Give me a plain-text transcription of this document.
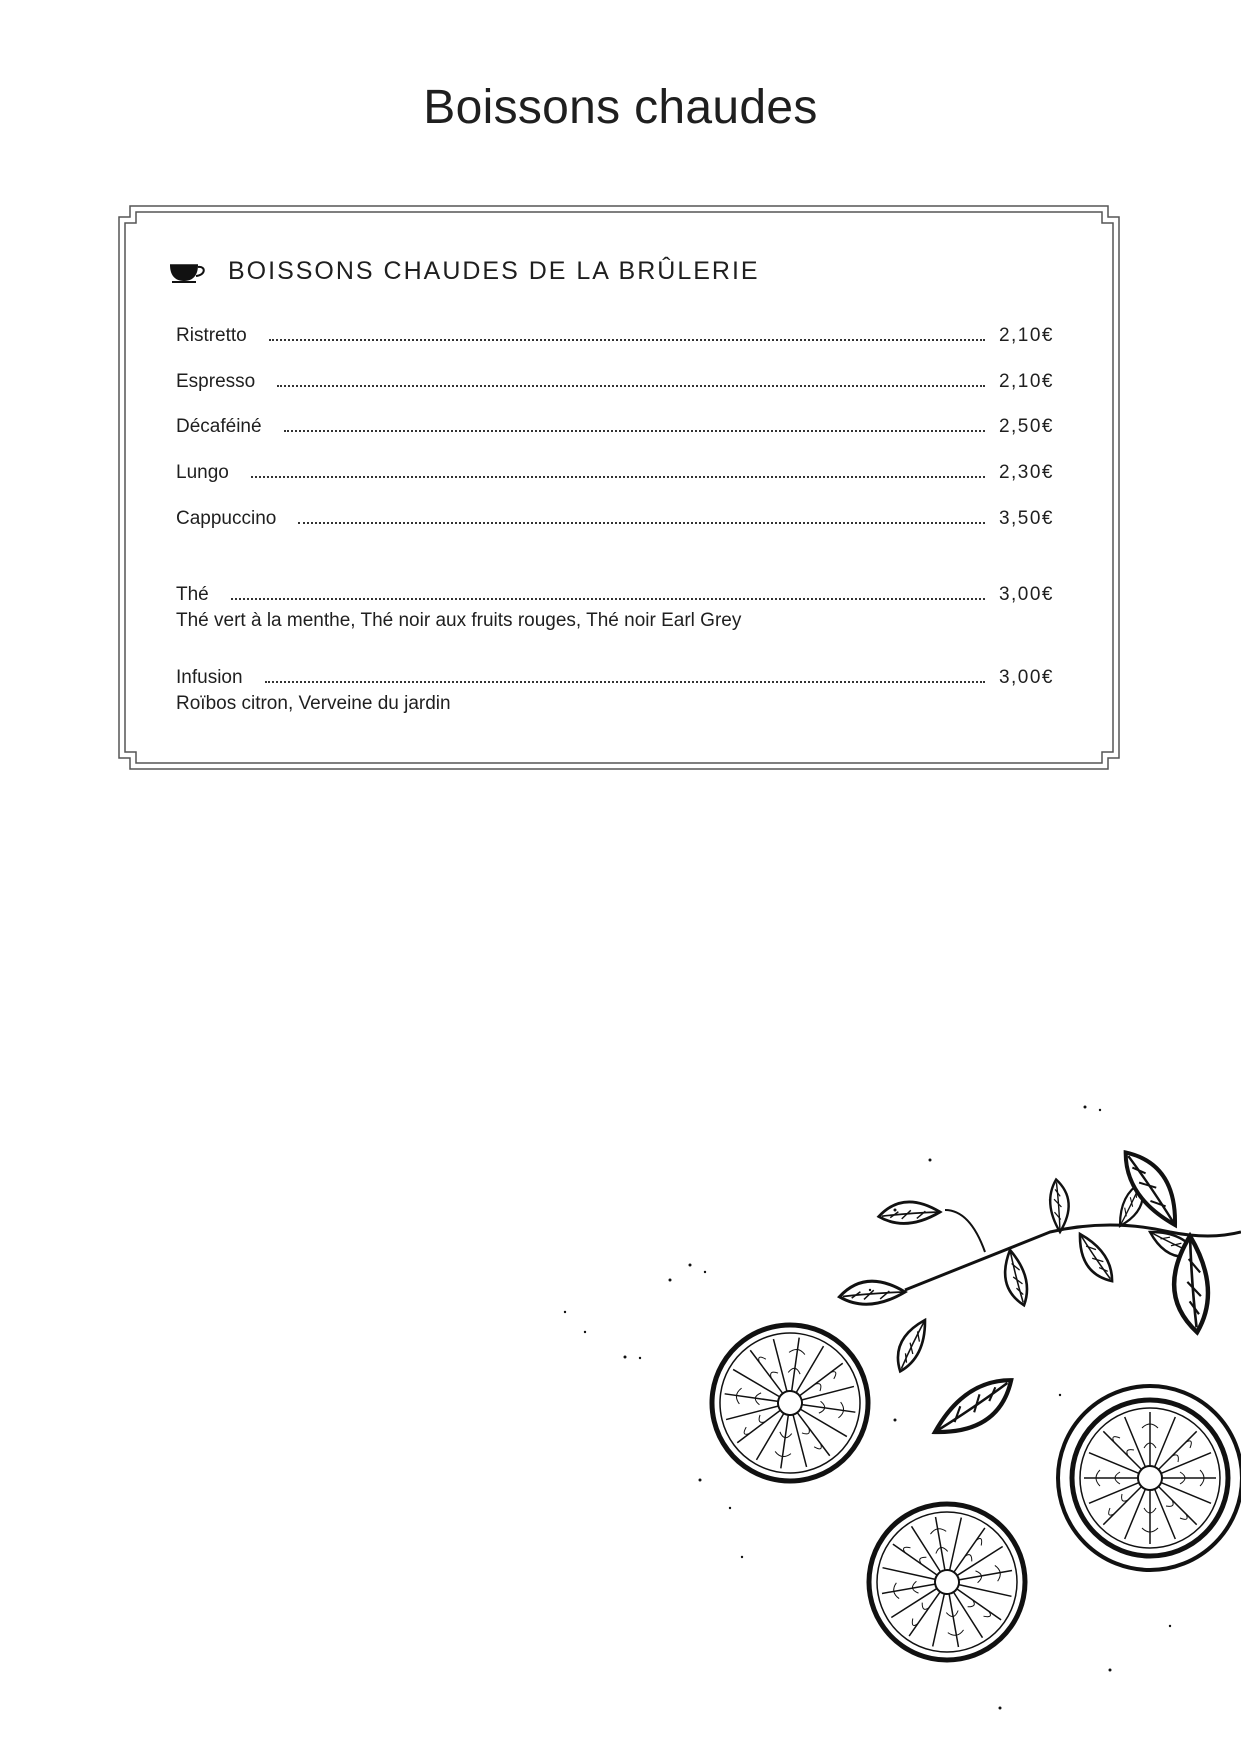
Boissons chaudes
BOISSONS CHAUDES DE LA BRÛLERIE
Ristretto	2,10€
Espresso	2,10€
Décaféiné	2,50€
Lungo	2,30€
Cappuccino	3,50€
Thé	3,00€
Thé vert à la menthe, Thé noir aux fruits rouges, Thé noir Earl Grey
Infusion	3,00€
Roïbos citron, Verveine du jardin
